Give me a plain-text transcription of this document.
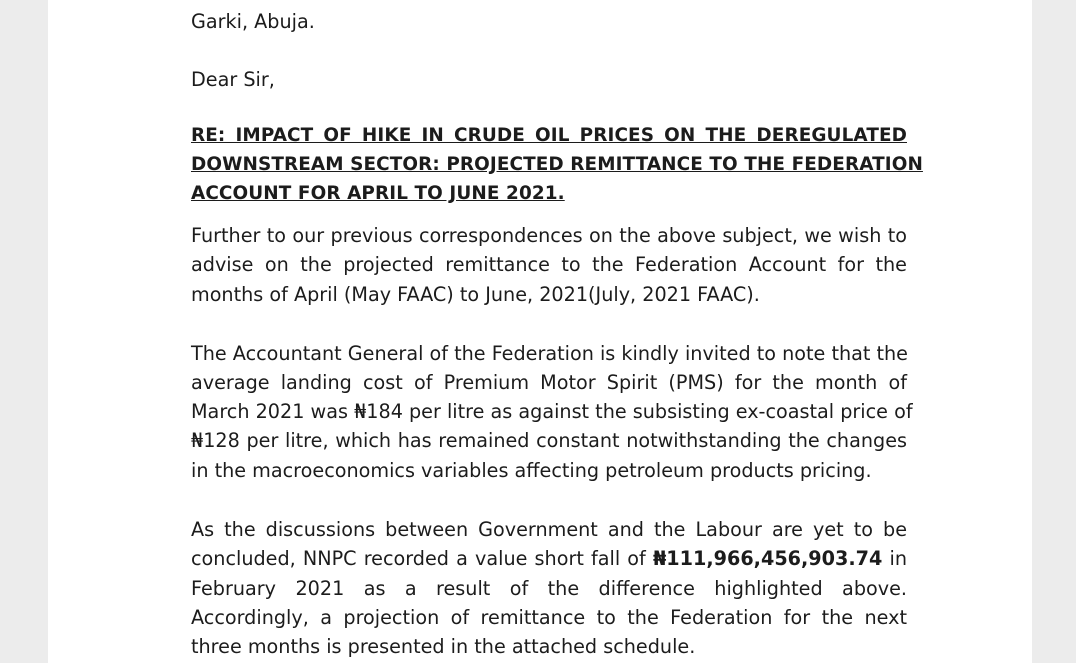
Garki, Abuja.
Dear Sir,
RE: IMPACT OF HIKE IN CRUDE OIL PRICES ON THE DEREGULATED
DOWNSTREAM SECTOR: PROJECTED REMITTANCE TO THE FEDERATION
ACCOUNT FOR APRIL TO JUNE 2021.
Further to our previous correspondences on the above subject, we wish to
advise on the projected remittance to the Federation Account for the
months of April (May FAAC) to June, 2021(July, 2021 FAAC).
The Accountant General of the Federation is kindly invited to note that the
average landing cost of Premium Motor Spirit (PMS) for the month of
March 2021 was ₦184 per litre as against the subsisting ex-coastal price of
₦128 per litre, which has remained constant notwithstanding the changes
in the macroeconomics variables affecting petroleum products pricing.
As the discussions between Government and the Labour are yet to be
concluded, NNPC recorded a value short fall of ₦111,966,456,903.74 in
February 2021 as a result of the difference highlighted above.
Accordingly, a projection of remittance to the Federation for the next
three months is presented in the attached schedule.
